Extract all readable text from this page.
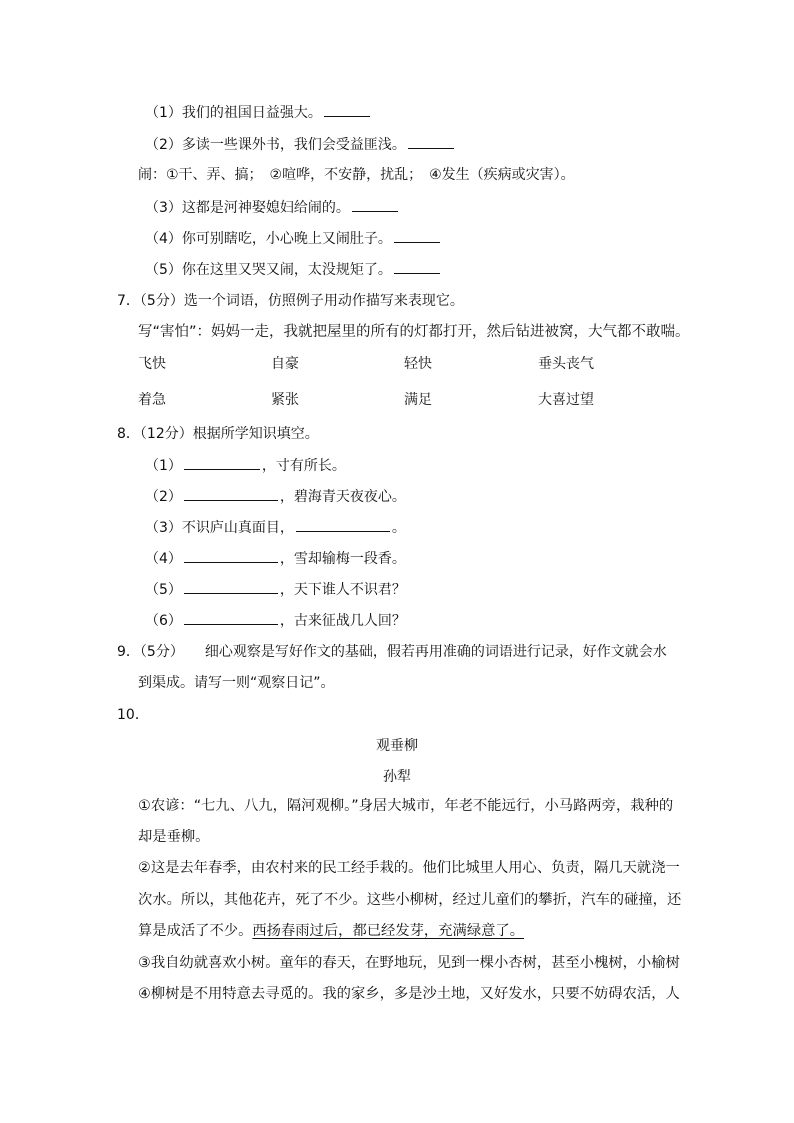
（1）我们的祖国日益强大。
（2）多读一些课外书，我们会受益匪浅。
闹：①干、弄、搞；　②喧哗，不安静，扰乱；　④发生（疾病或灾害）。
（3）这都是河神娶媳妇给闹的。
（4）你可别瞎吃，小心晚上又闹肚子。
（5）你在这里又哭又闹，太没规矩了。
7．（5分）选一个词语，仿照例子用动作描写来表现它。
写“害怕”：妈妈一走，我就把屋里的所有的灯都打开，然后钻进被窝，大气都不敢喘。
飞快	自豪	轻快	垂头丧气
着急	紧张	满足	大喜过望
8．（12分）根据所学知识填空。
（1）	，寸有所长。
（2）	，碧海青天夜夜心。
（3）不识庐山真面目，	。
（4）	，雪却输梅一段香。
（5）	，天下谁人不识君？
（6）	，古来征战几人回？
9．（5分）　　细心观察是写好作文的基础，假若再用准确的词语进行记录，好作文就会水
到渠成。请写一则“观察日记”。
10．
观垂柳
孙犁
①农谚：“七九、八九，隔河观柳。”身居大城市，年老不能远行，小马路两旁，栽种的
却是垂柳。
②这是去年春季，由农村来的民工经手栽的。他们比城里人用心、负责，隔几天就浇一
次水。所以，其他花卉，死了不少。这些小柳树，经过儿童们的攀折，汽车的碰撞，还
算是成活了不少。西扬春雨过后，都已经发芽，充满绿意了。
③我自幼就喜欢小树。童年的春天，在野地玩，见到一棵小杏树，甚至小槐树，小榆树
④柳树是不用特意去寻觅的。我的家乡，多是沙土地，又好发水，只要不妨碍农活，人
